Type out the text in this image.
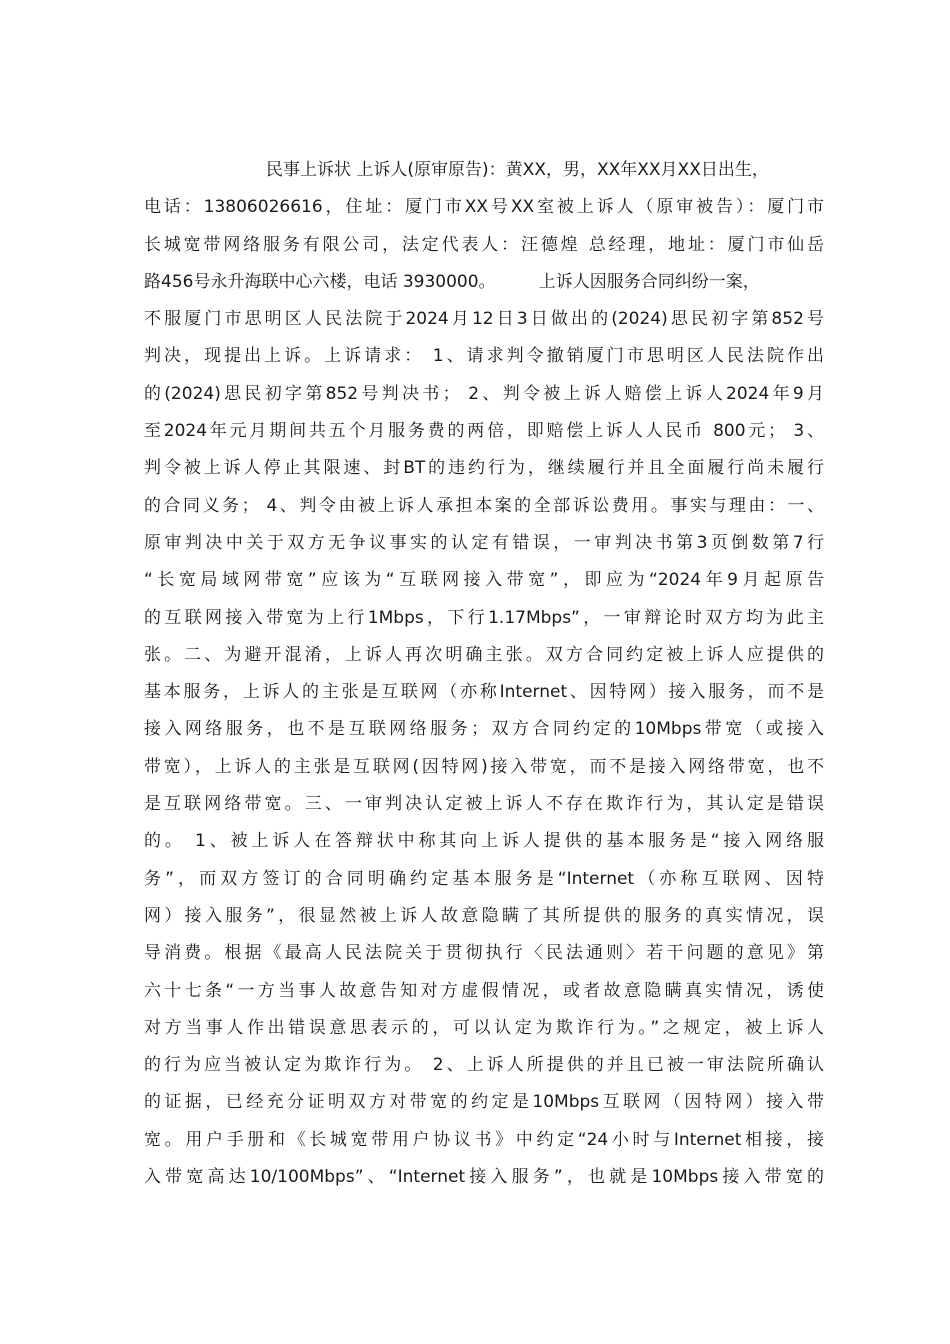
民事上诉状 上诉人(原审原告)：黄XX，男，XX年XX月XX日出生，
电话：13806026616，住址：厦门市XX号XX室被上诉人（原审被告）：厦门市
长城宽带网络服务有限公司，法定代表人：汪德煌 总经理，地址：厦门市仙岳
路456号永升海联中心六楼，电话 3930000。        上诉人因服务合同纠纷一案，
不服厦门市思明区人民法院于2024月12日3日做出的(2024)思民初字第852号
判决，现提出上诉。上诉请求： 1、请求判令撤销厦门市思明区人民法院作出
的(2024)思民初字第852号判决书； 2、判令被上诉人赔偿上诉人2024年9月
至2024年元月期间共五个月服务费的两倍，即赔偿上诉人人民币 800元； 3、
判令被上诉人停止其限速、封BT的违约行为，继续履行并且全面履行尚未履行
的合同义务； 4、判令由被上诉人承担本案的全部诉讼费用。事实与理由：一、
原审判决中关于双方无争议事实的认定有错误，一审判决书第3页倒数第7行
“长宽局域网带宽”应该为“互联网接入带宽”，即应为“2024年9月起原告
的互联网接入带宽为上行1Mbps，下行1.17Mbps”，一审辩论时双方均为此主
张。二、为避开混淆，上诉人再次明确主张。双方合同约定被上诉人应提供的
基本服务，上诉人的主张是互联网（亦称Internet、因特网）接入服务，而不是
接入网络服务，也不是互联网络服务；双方合同约定的10Mbps带宽（或接入
带宽），上诉人的主张是互联网(因特网)接入带宽，而不是接入网络带宽，也不
是互联网络带宽。三、一审判决认定被上诉人不存在欺诈行为，其认定是错误
的。 1、被上诉人在答辩状中称其向上诉人提供的基本服务是“接入网络服
务”，而双方签订的合同明确约定基本服务是“Internet（亦称互联网、因特
网）接入服务”，很显然被上诉人故意隐瞒了其所提供的服务的真实情况，误
导消费。根据《最高人民法院关于贯彻执行〈民法通则〉若干问题的意见》第
六十七条“一方当事人故意告知对方虚假情况，或者故意隐瞒真实情况，诱使
对方当事人作出错误意思表示的，可以认定为欺诈行为。”之规定，被上诉人
的行为应当被认定为欺诈行为。 2、上诉人所提供的并且已被一审法院所确认
的证据，已经充分证明双方对带宽的约定是10Mbps互联网（因特网）接入带
宽。用户手册和《长城宽带用户协议书》中约定“24小时与Internet相接，接
入带宽高达10/100Mbps”、“Internet接入服务”，也就是10Mbps接入带宽的
